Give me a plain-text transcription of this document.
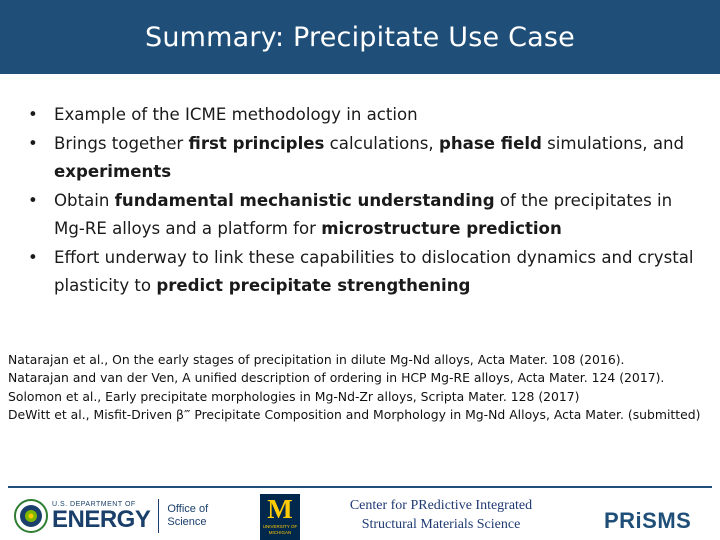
Summary: Precipitate Use Case
• Example of the ICME methodology in action
• Brings together first principles calculations, phase field simulations, and experiments
• Obtain fundamental mechanistic understanding of the precipitates in Mg-RE alloys and a platform for microstructure prediction
• Effort underway to link these capabilities to dislocation dynamics and crystal plasticity to predict precipitate strengthening

Natarajan et al., On the early stages of precipitation in dilute Mg-Nd alloys, Acta Mater. 108 (2016).

Natarajan and van der Ven, A unified description of ordering in HCP Mg-RE alloys, Acta Mater. 124 (2017).

Solomon et al., Early precipitate morphologies in Mg-Nd-Zr alloys, Scripta Mater. 128 (2017)

DeWitt et al., Misfit-Driven β‴ Precipitate Composition and Morphology in Mg-Nd Alloys, Acta Mater. (submitted)

U.S. DEPARTMENT OF
ENERGY Office of
Science M
UNIVERSITY OF MICHIGAN
Center for PRedictive Integrated
Structural Materials Science	PRiSMS
